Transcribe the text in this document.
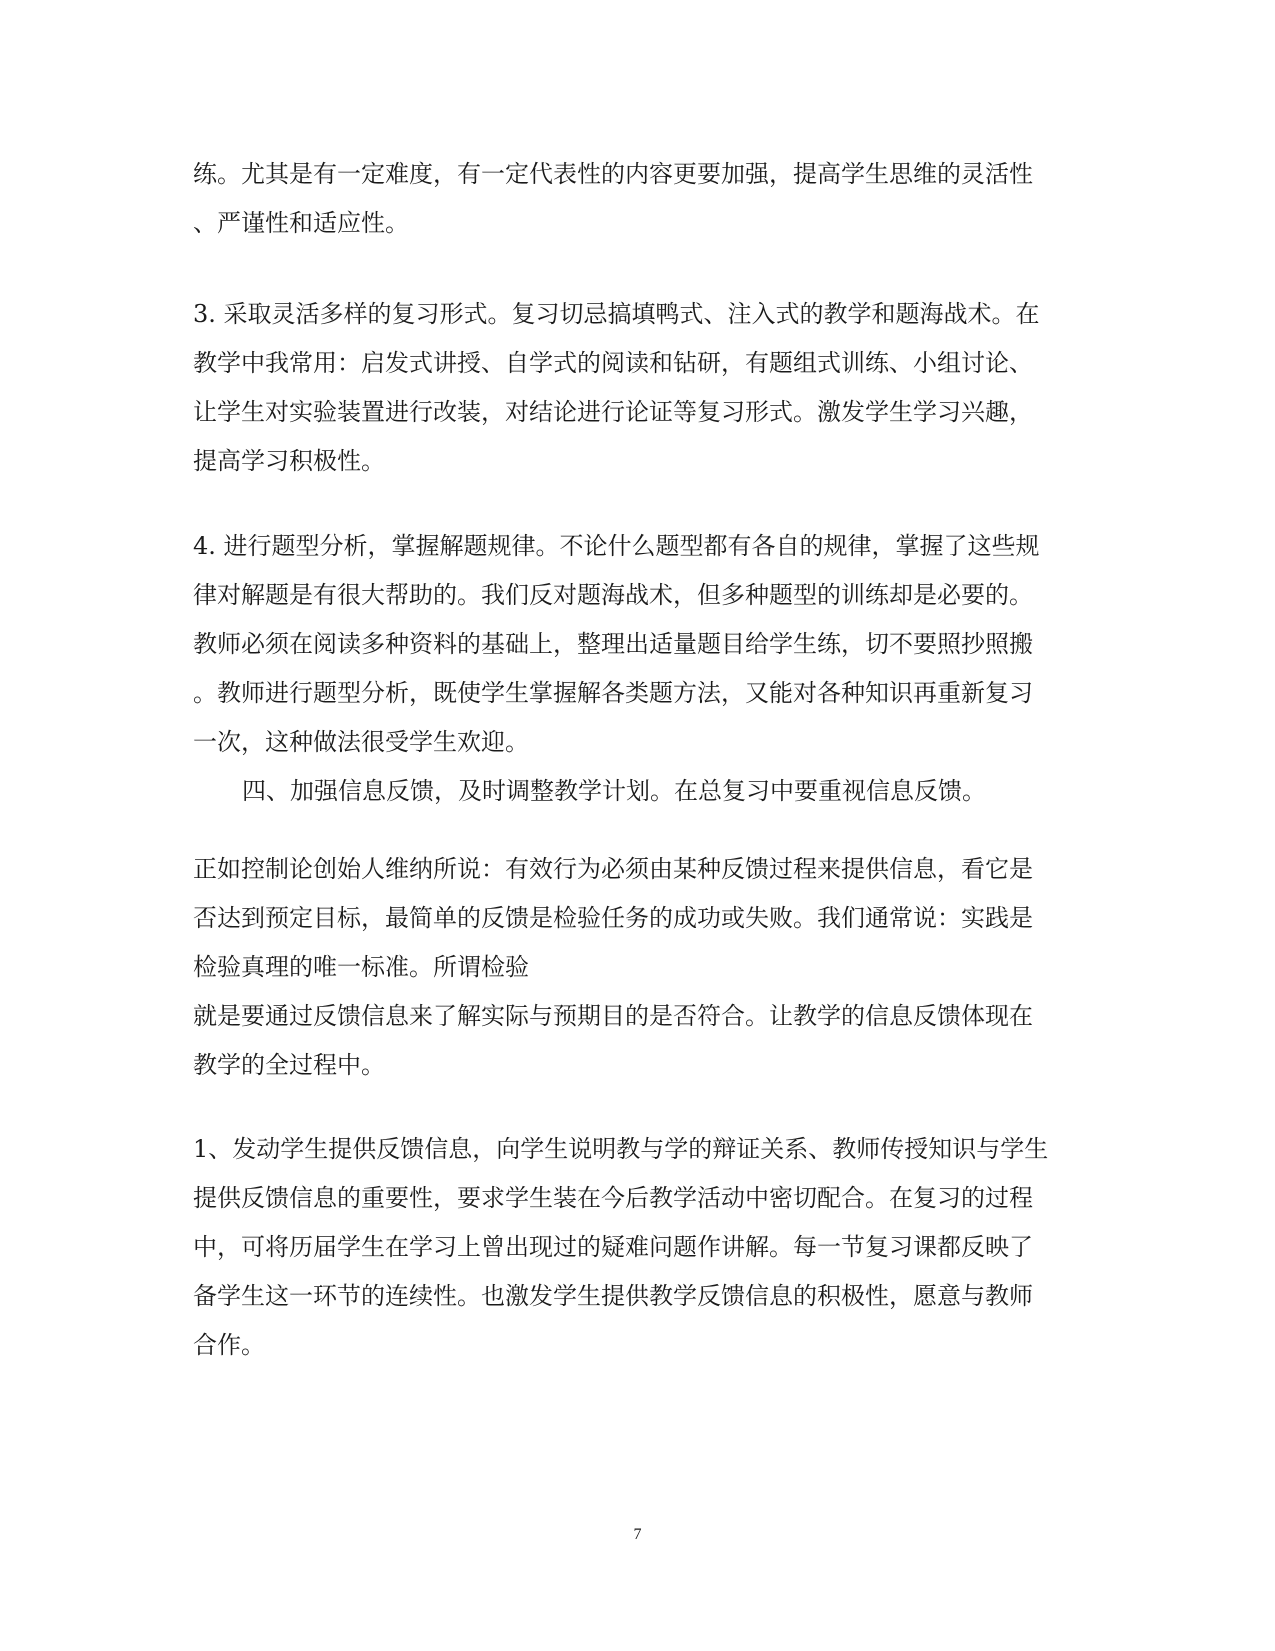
练。尤其是有一定难度，有一定代表性的内容更要加强，提高学生思维的灵活性
、严谨性和适应性。
3. 采取灵活多样的复习形式。复习切忌搞填鸭式、注入式的教学和题海战术。在
教学中我常用：启发式讲授、自学式的阅读和钻研，有题组式训练、小组讨论、
让学生对实验装置进行改装，对结论进行论证等复习形式。激发学生学习兴趣，
提高学习积极性。
4. 进行题型分析，掌握解题规律。不论什么题型都有各自的规律，掌握了这些规
律对解题是有很大帮助的。我们反对题海战术，但多种题型的训练却是必要的。
教师必须在阅读多种资料的基础上，整理出适量题目给学生练，切不要照抄照搬
。教师进行题型分析，既使学生掌握解各类题方法，又能对各种知识再重新复习
一次，这种做法很受学生欢迎。
四、加强信息反馈，及时调整教学计划。在总复习中要重视信息反馈。
正如控制论创始人维纳所说：有效行为必须由某种反馈过程来提供信息，看它是
否达到预定目标，最简单的反馈是检验任务的成功或失败。我们通常说：实践是
检验真理的唯一标准。所谓检验
就是要通过反馈信息来了解实际与预期目的是否符合。让教学的信息反馈体现在
教学的全过程中。
1、发动学生提供反馈信息，向学生说明教与学的辩证关系、教师传授知识与学生
提供反馈信息的重要性，要求学生装在今后教学活动中密切配合。在复习的过程
中，可将历届学生在学习上曾出现过的疑难问题作讲解。每一节复习课都反映了
备学生这一环节的连续性。也激发学生提供教学反馈信息的积极性，愿意与教师
合作。
7
